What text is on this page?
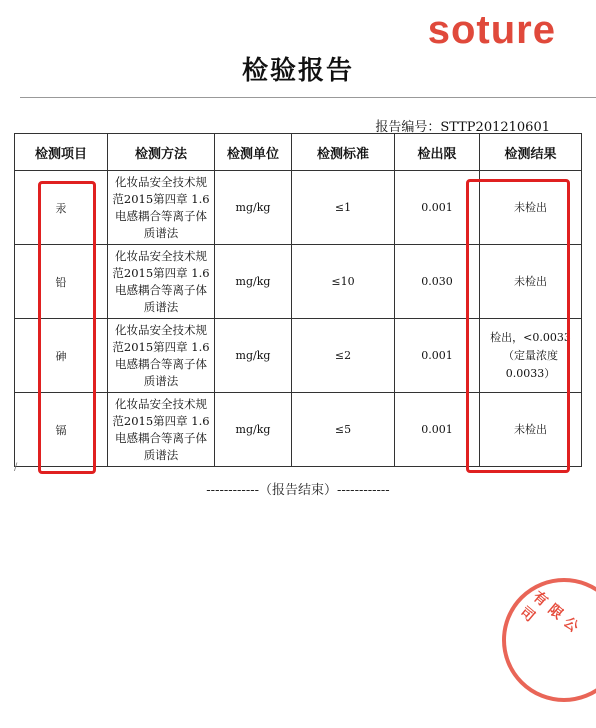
soture
检验报告
报告编号：STTP201210601
检测项目	检测方法	检测单位	检测标准	检出限	检测结果
汞	化妆品安全技术规范2015第四章 1.6电感耦合等离子体质谱法	mg/kg	≤1	0.001	未检出
铅	化妆品安全技术规范2015第四章 1.6电感耦合等离子体质谱法	mg/kg	≤10	0.030	未检出
砷	化妆品安全技术规范2015第四章 1.6电感耦合等离子体质谱法	mg/kg	≤2	0.001	检出，<0.0033（定量浓度0.0033）
镉	化妆品安全技术规范2015第四章 1.6电感耦合等离子体质谱法	mg/kg	≤5	0.001	未检出
/
------------（报告结束）------------
有限公司
